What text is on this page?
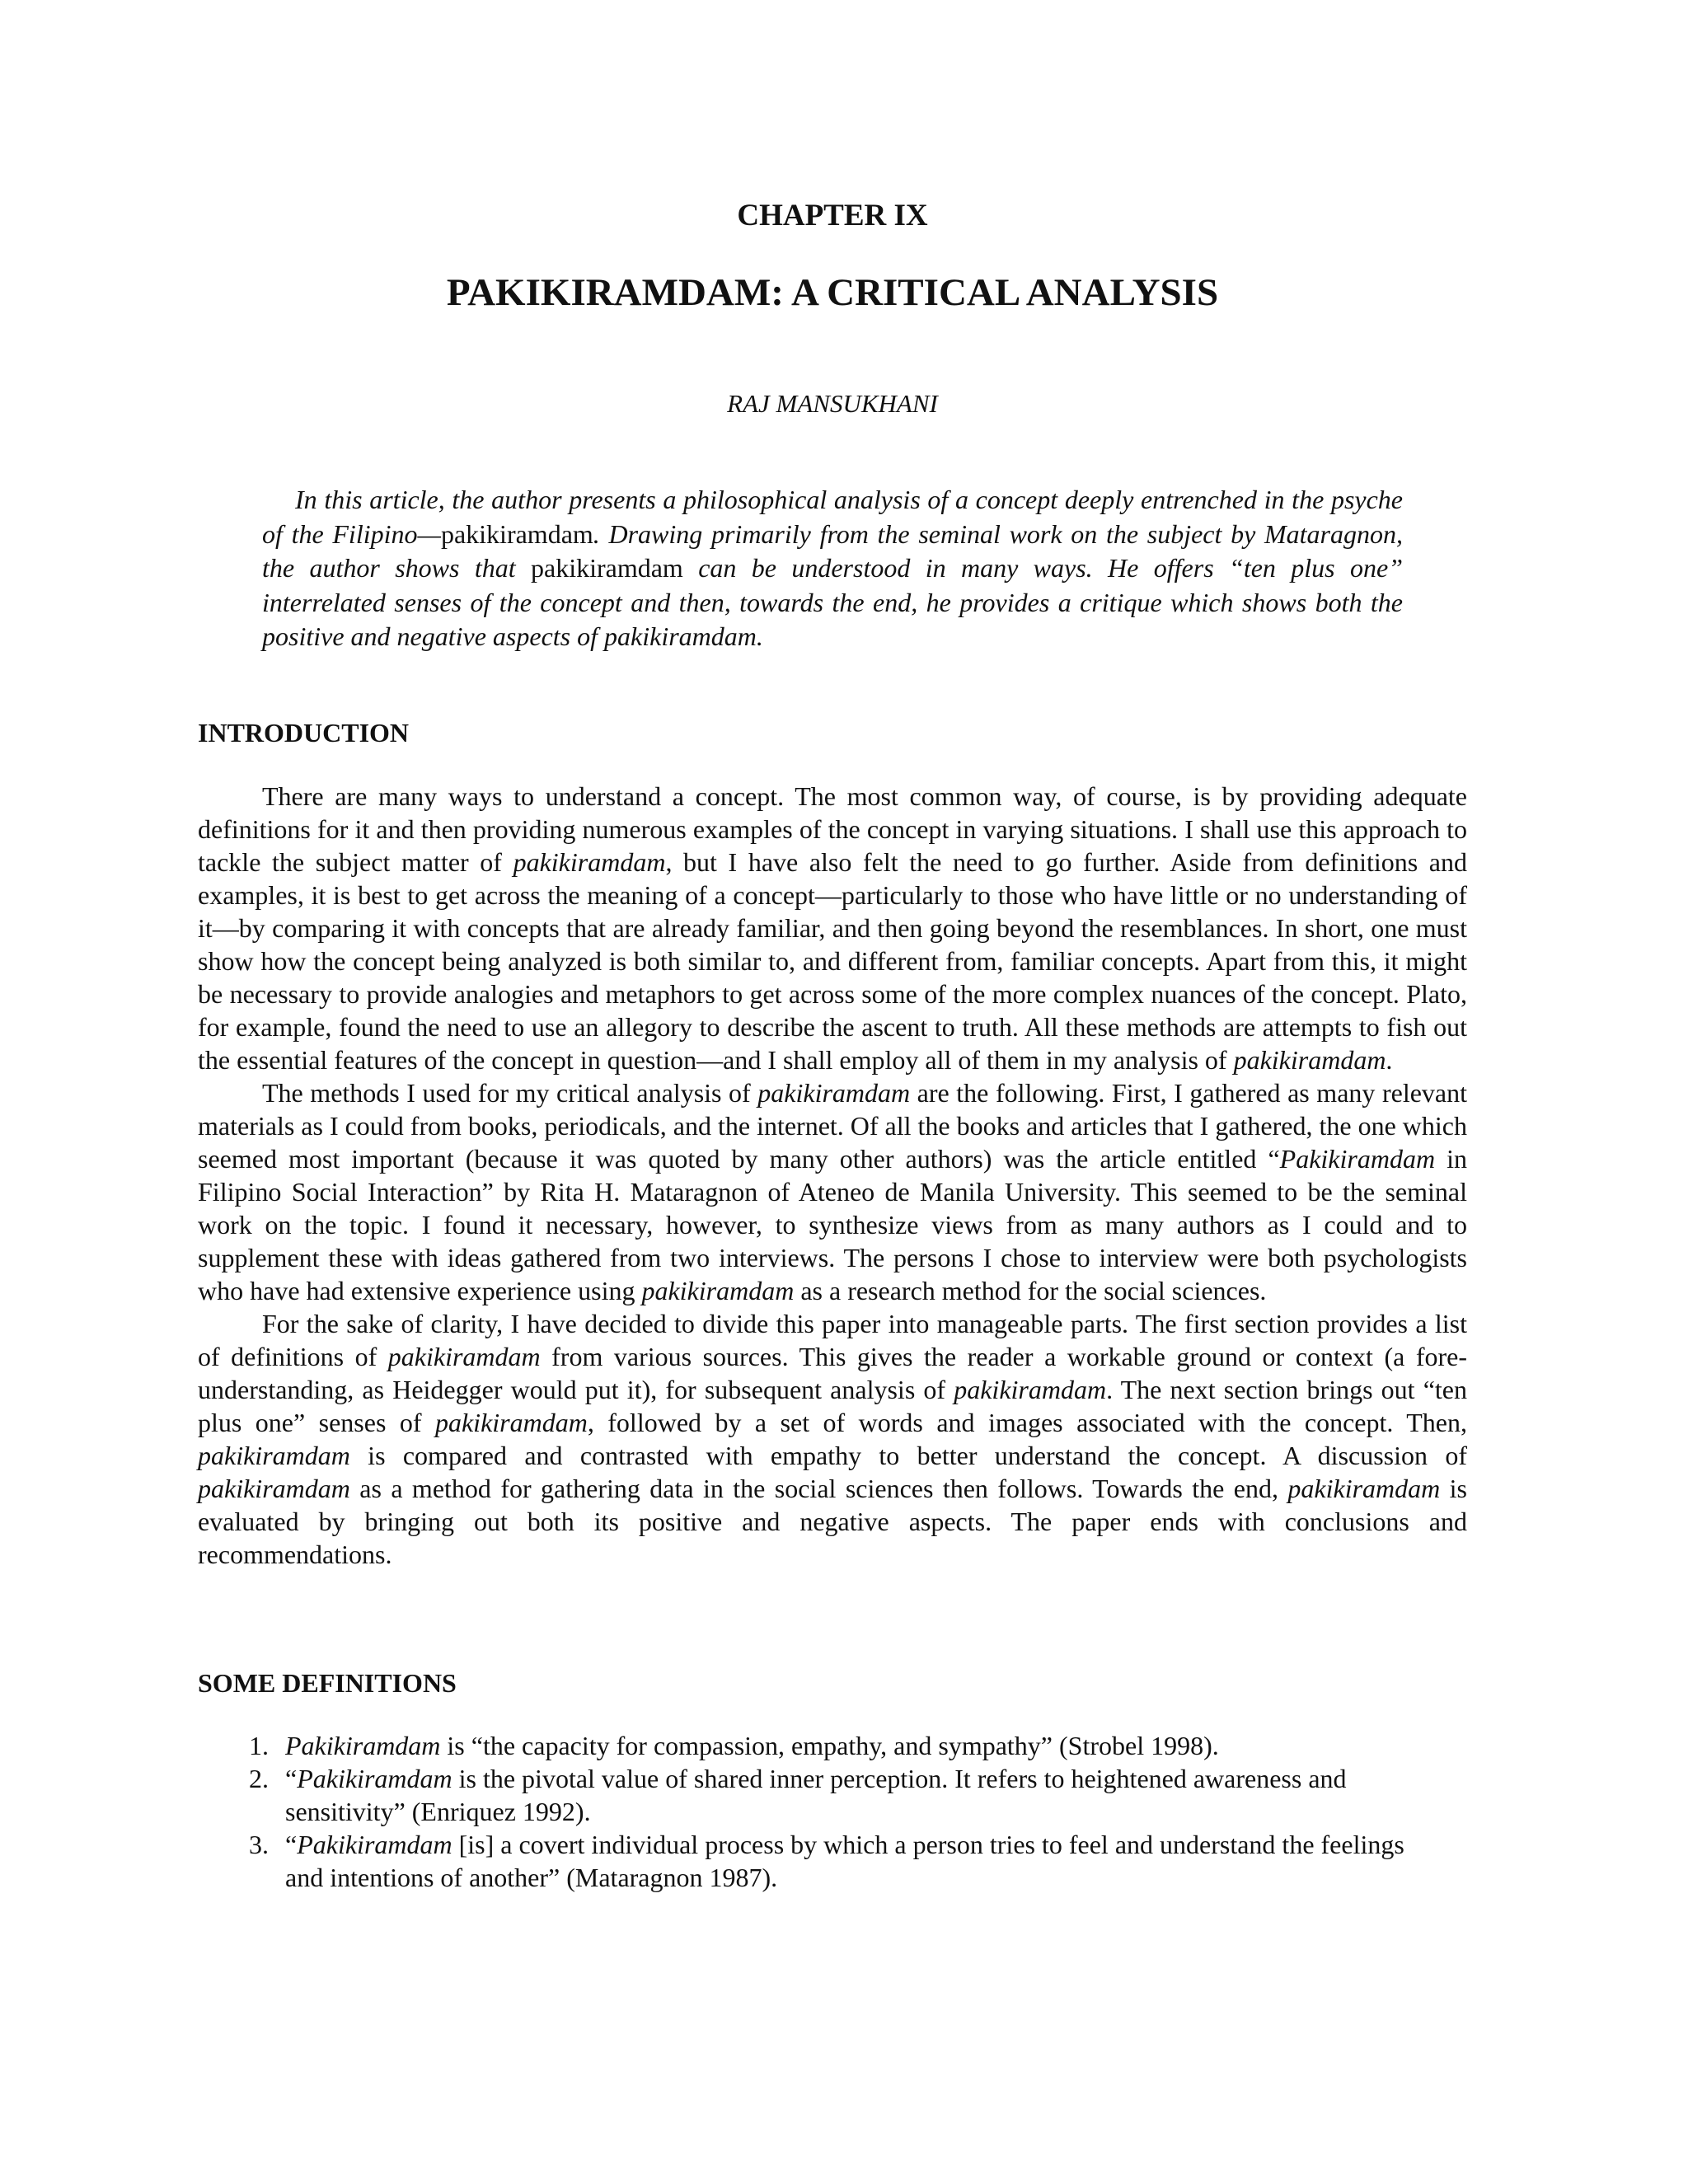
CHAPTER IX
PAKIKIRAMDAM: A CRITICAL ANALYSIS
RAJ MANSUKHANI

In this article, the author presents a philosophical analysis of a concept deeply entrenched in the psyche of the Filipino—pakikiramdam. Drawing primarily from the seminal work on the subject by Mataragnon, the author shows that pakikiramdam can be understood in many ways. He offers “ten plus one” interrelated senses of the concept and then, towards the end, he provides a critique which shows both the positive and negative aspects of pakikiramdam.

INTRODUCTION

There are many ways to understand a concept. The most common way, of course, is by providing adequate definitions for it and then providing numerous examples of the concept in varying situations. I shall use this approach to tackle the subject matter of pakikiramdam, but I have also felt the need to go further. Aside from definitions and examples, it is best to get across the meaning of a concept—particularly to those who have little or no understanding of it—by comparing it with concepts that are already familiar, and then going beyond the resemblances. In short, one must show how the concept being analyzed is both similar to, and different from, familiar concepts. Apart from this, it might be necessary to provide analogies and metaphors to get across some of the more complex nuances of the concept. Plato, for example, found the need to use an allegory to describe the ascent to truth. All these methods are attempts to fish out the essential features of the concept in question—and I shall employ all of them in my analysis of pakikiramdam.

The methods I used for my critical analysis of pakikiramdam are the following. First, I gathered as many relevant materials as I could from books, periodicals, and the internet. Of all the books and articles that I gathered, the one which seemed most important (because it was quoted by many other authors) was the article entitled “Pakikiramdam in Filipino Social Interaction” by Rita H. Mataragnon of Ateneo de Manila University. This seemed to be the seminal work on the topic. I found it necessary, however, to synthesize views from as many authors as I could and to supplement these with ideas gathered from two interviews. The persons I chose to interview were both psychologists who have had extensive experience using pakikiramdam as a research method for the social sciences.

For the sake of clarity, I have decided to divide this paper into manageable parts. The first section provides a list of definitions of pakikiramdam from various sources. This gives the reader a workable ground or context (a fore-understanding, as Heidegger would put it), for subsequent analysis of pakikiramdam. The next section brings out “ten plus one” senses of pakikiramdam, followed by a set of words and images associated with the concept. Then, pakikiramdam is compared and contrasted with empathy to better understand the concept. A discussion of pakikiramdam as a method for gathering data in the social sciences then follows. Towards the end, pakikiramdam is evaluated by bringing out both its positive and negative aspects. The paper ends with conclusions and recommendations.

SOME DEFINITIONS
1. Pakikiramdam is “the capacity for compassion, empathy, and sympathy” (Strobel 1998).
2. “Pakikiramdam is the pivotal value of shared inner perception. It refers to heightened awareness and sensitivity” (Enriquez 1992).
3. “Pakikiramdam [is] a covert individual process by which a person tries to feel and understand the feelings and intentions of another” (Mataragnon 1987).
